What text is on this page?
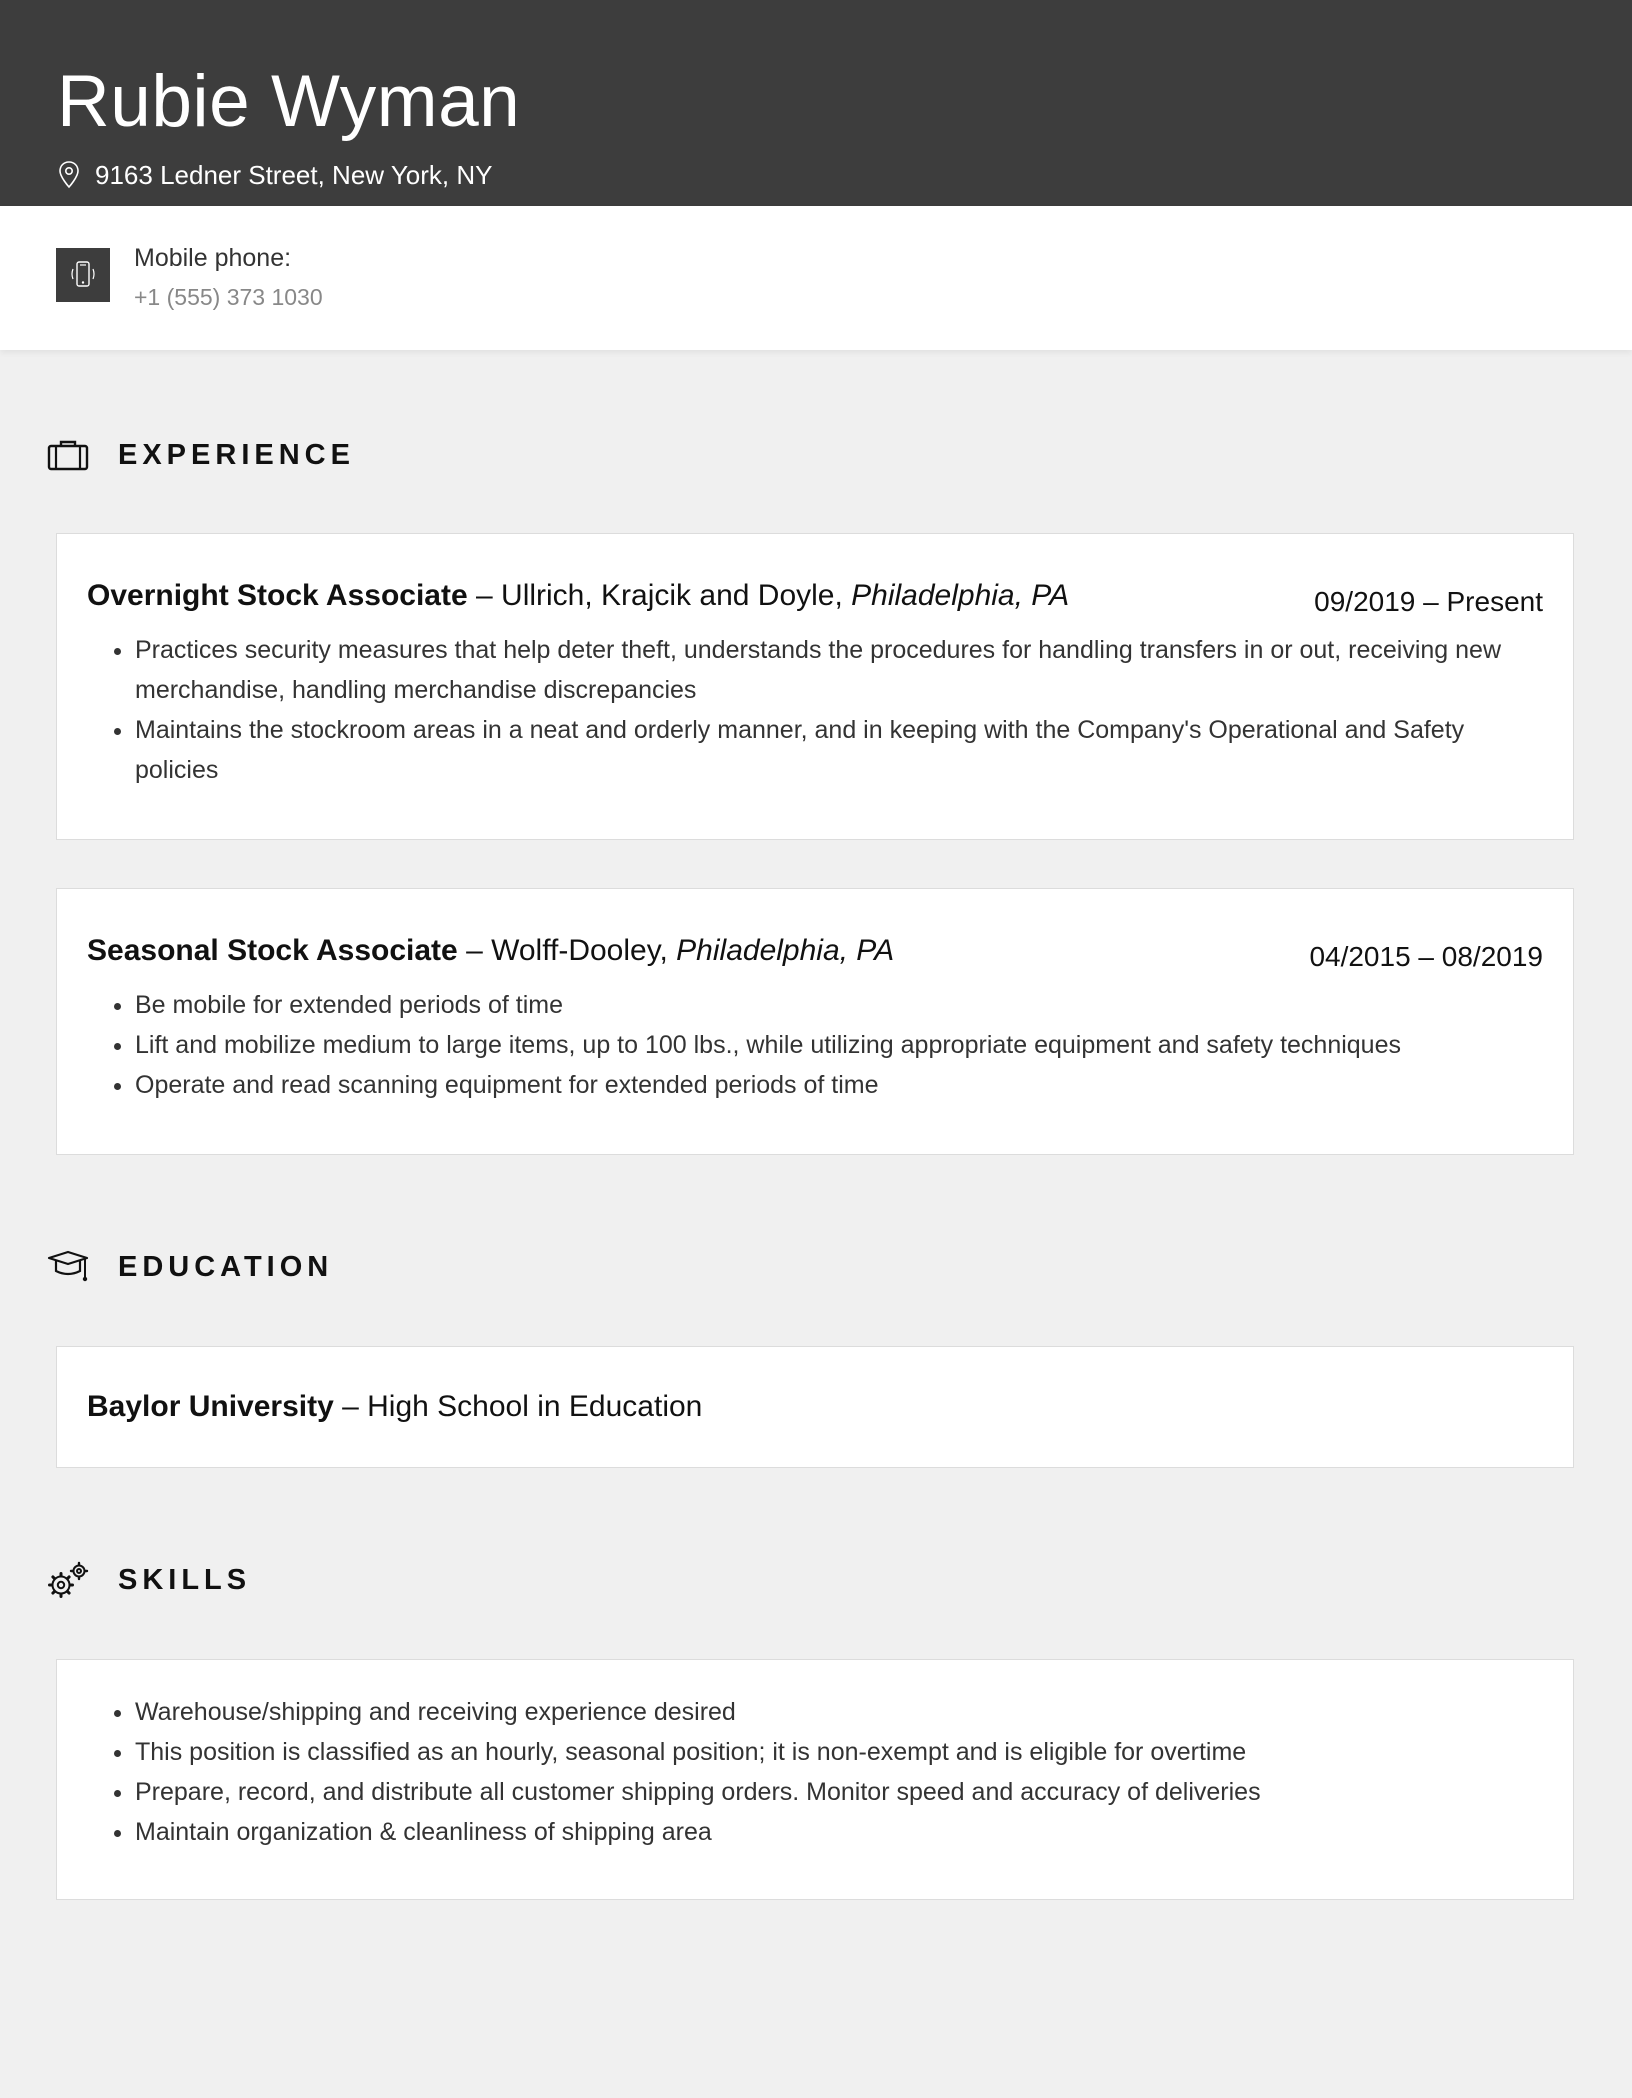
Rubie Wyman
9163 Ledner Street, New York, NY
Mobile phone:
+1 (555) 373 1030
EXPERIENCE
Overnight Stock Associate – Ullrich, Krajcik and Doyle, Philadelphia, PA	09/2019 – Present
• Practices security measures that help deter theft, understands the procedures for handling transfers in or out, receiving new merchandise, handling merchandise discrepancies
• Maintains the stockroom areas in a neat and orderly manner, and in keeping with the Company's Operational and Safety policies
Seasonal Stock Associate – Wolff-Dooley, Philadelphia, PA	04/2015 – 08/2019
• Be mobile for extended periods of time
• Lift and mobilize medium to large items, up to 100 lbs., while utilizing appropriate equipment and safety techniques
• Operate and read scanning equipment for extended periods of time
EDUCATION
Baylor University – High School in Education
SKILLS
• Warehouse/shipping and receiving experience desired
• This position is classified as an hourly, seasonal position; it is non-exempt and is eligible for overtime
• Prepare, record, and distribute all customer shipping orders. Monitor speed and accuracy of deliveries
• Maintain organization & cleanliness of shipping area
